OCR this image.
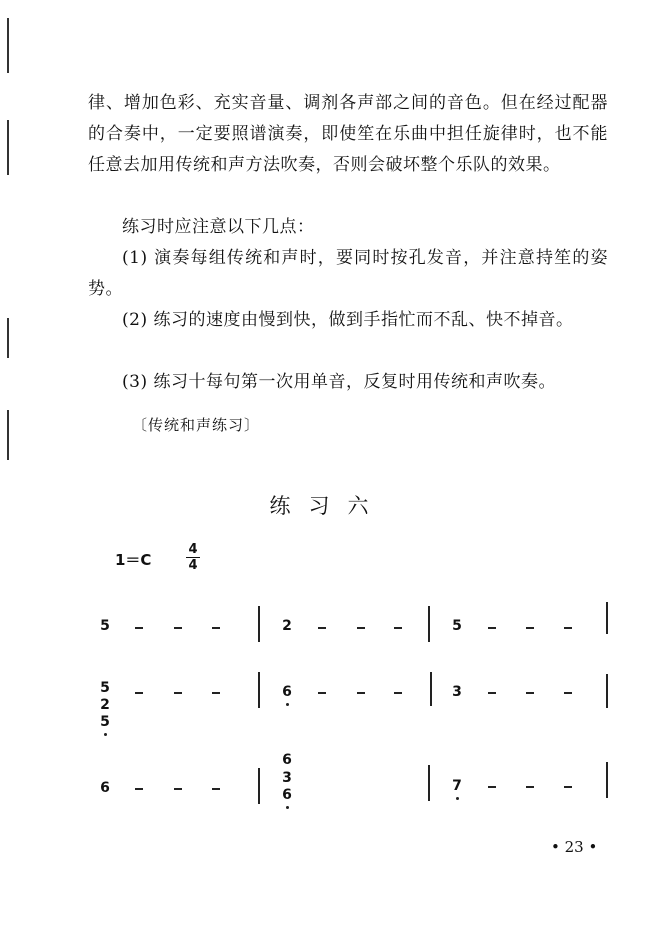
律、增加色彩、充实音量、调剂各声部之间的音色。但在经过配器的合奏中，一定要照谱演奏，即使笙在乐曲中担任旋律时，也不能任意去加用传统和声方法吹奏，否则会破坏整个乐队的效果。

练习时应注意以下几点：

(1) 演奏每组传统和声时，要同时按孔发音，并注意持笙的姿势。

(2) 练习的速度由慢到快，做到手指忙而不乱、快不掉音。

(3) 练习十每句第一次用单音，反复时用传统和声吹奏。

〔传统和声练习〕
练习六
1＝C
4
4
5	2	5
5
2
5
6	3
6
6
3
6
7
• 23 •
